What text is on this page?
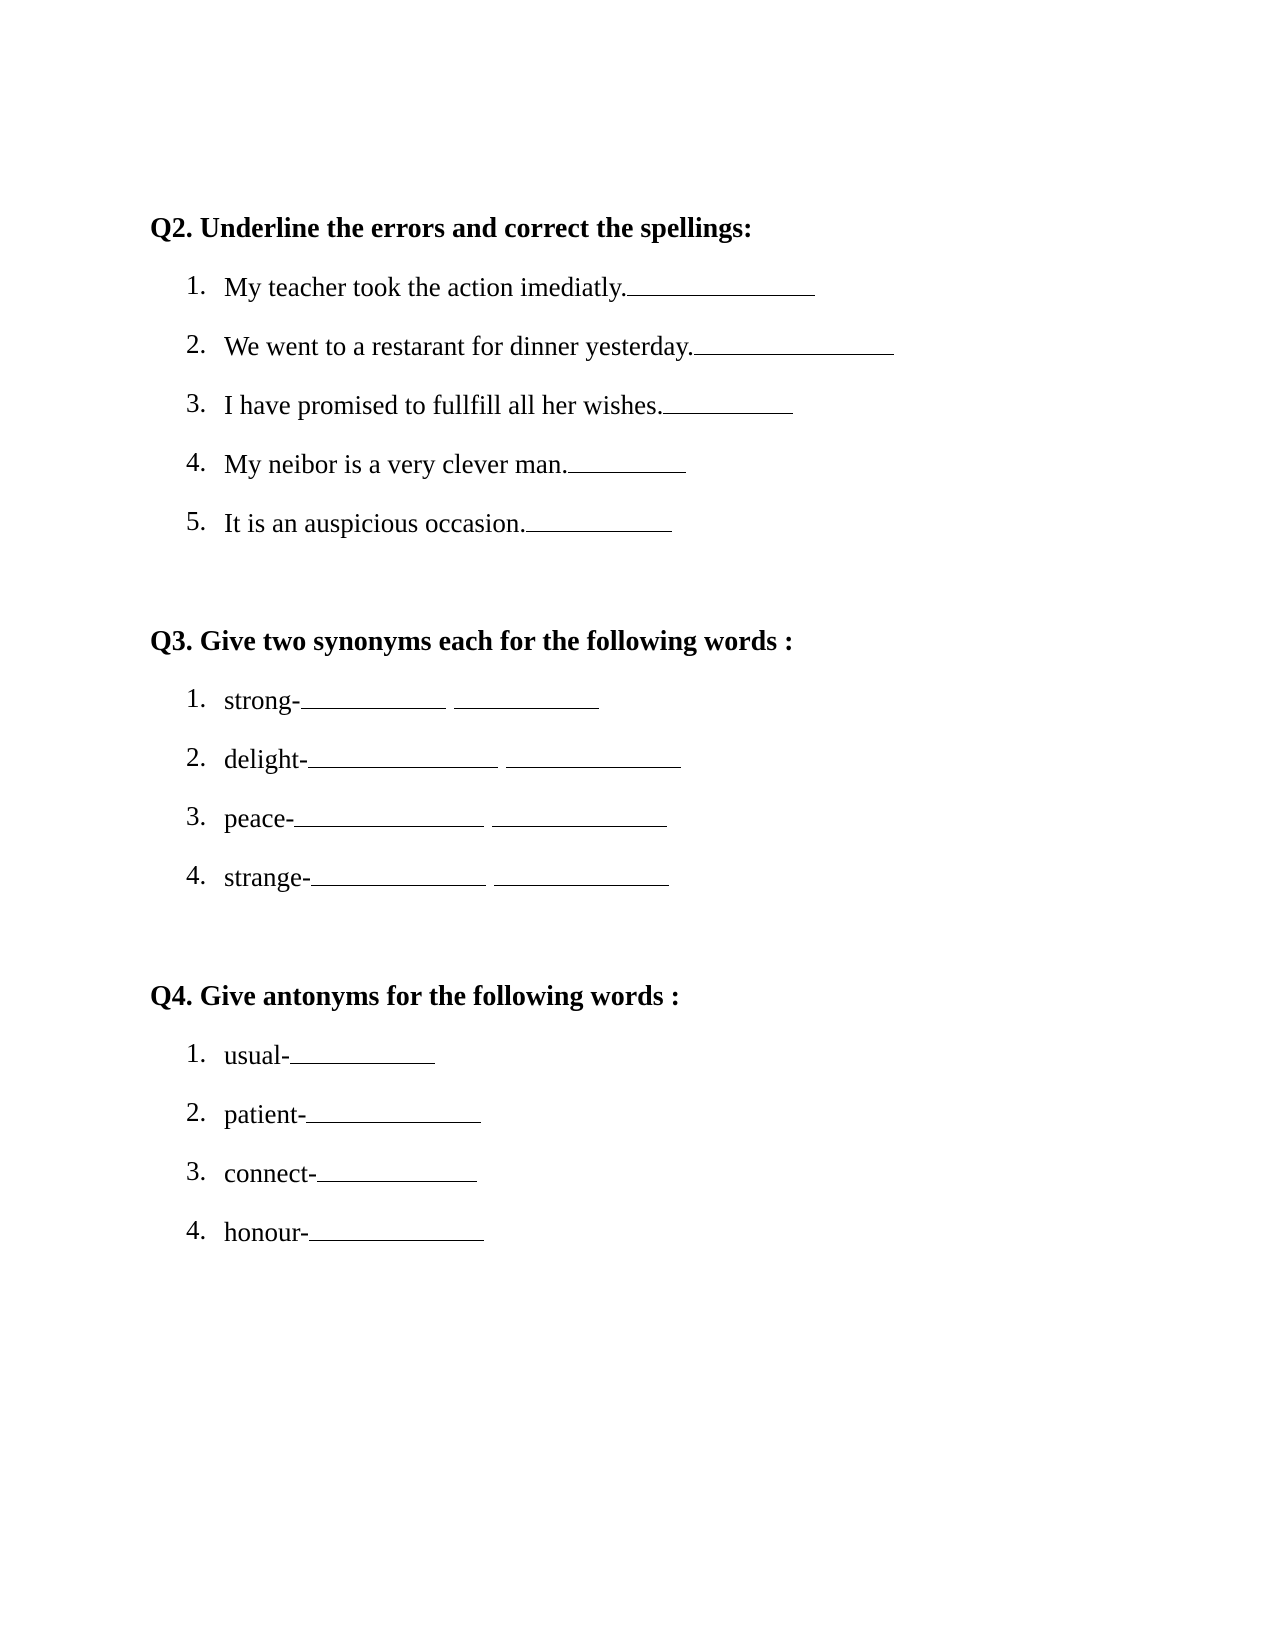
Q2. Underline the errors and correct the spellings:

1. My teacher took the action imediatly.
2. We went to a restarant for dinner yesterday.
3. I have promised to fullfill all her wishes.
4. My neibor is a very clever man.
5. It is an auspicious occasion.

Q3. Give two synonyms each for the following words :

1. strong-
2. delight-
3. peace-
4. strange-

Q4. Give antonyms for the following words :

1. usual-
2. patient-
3. connect-
4. honour-
